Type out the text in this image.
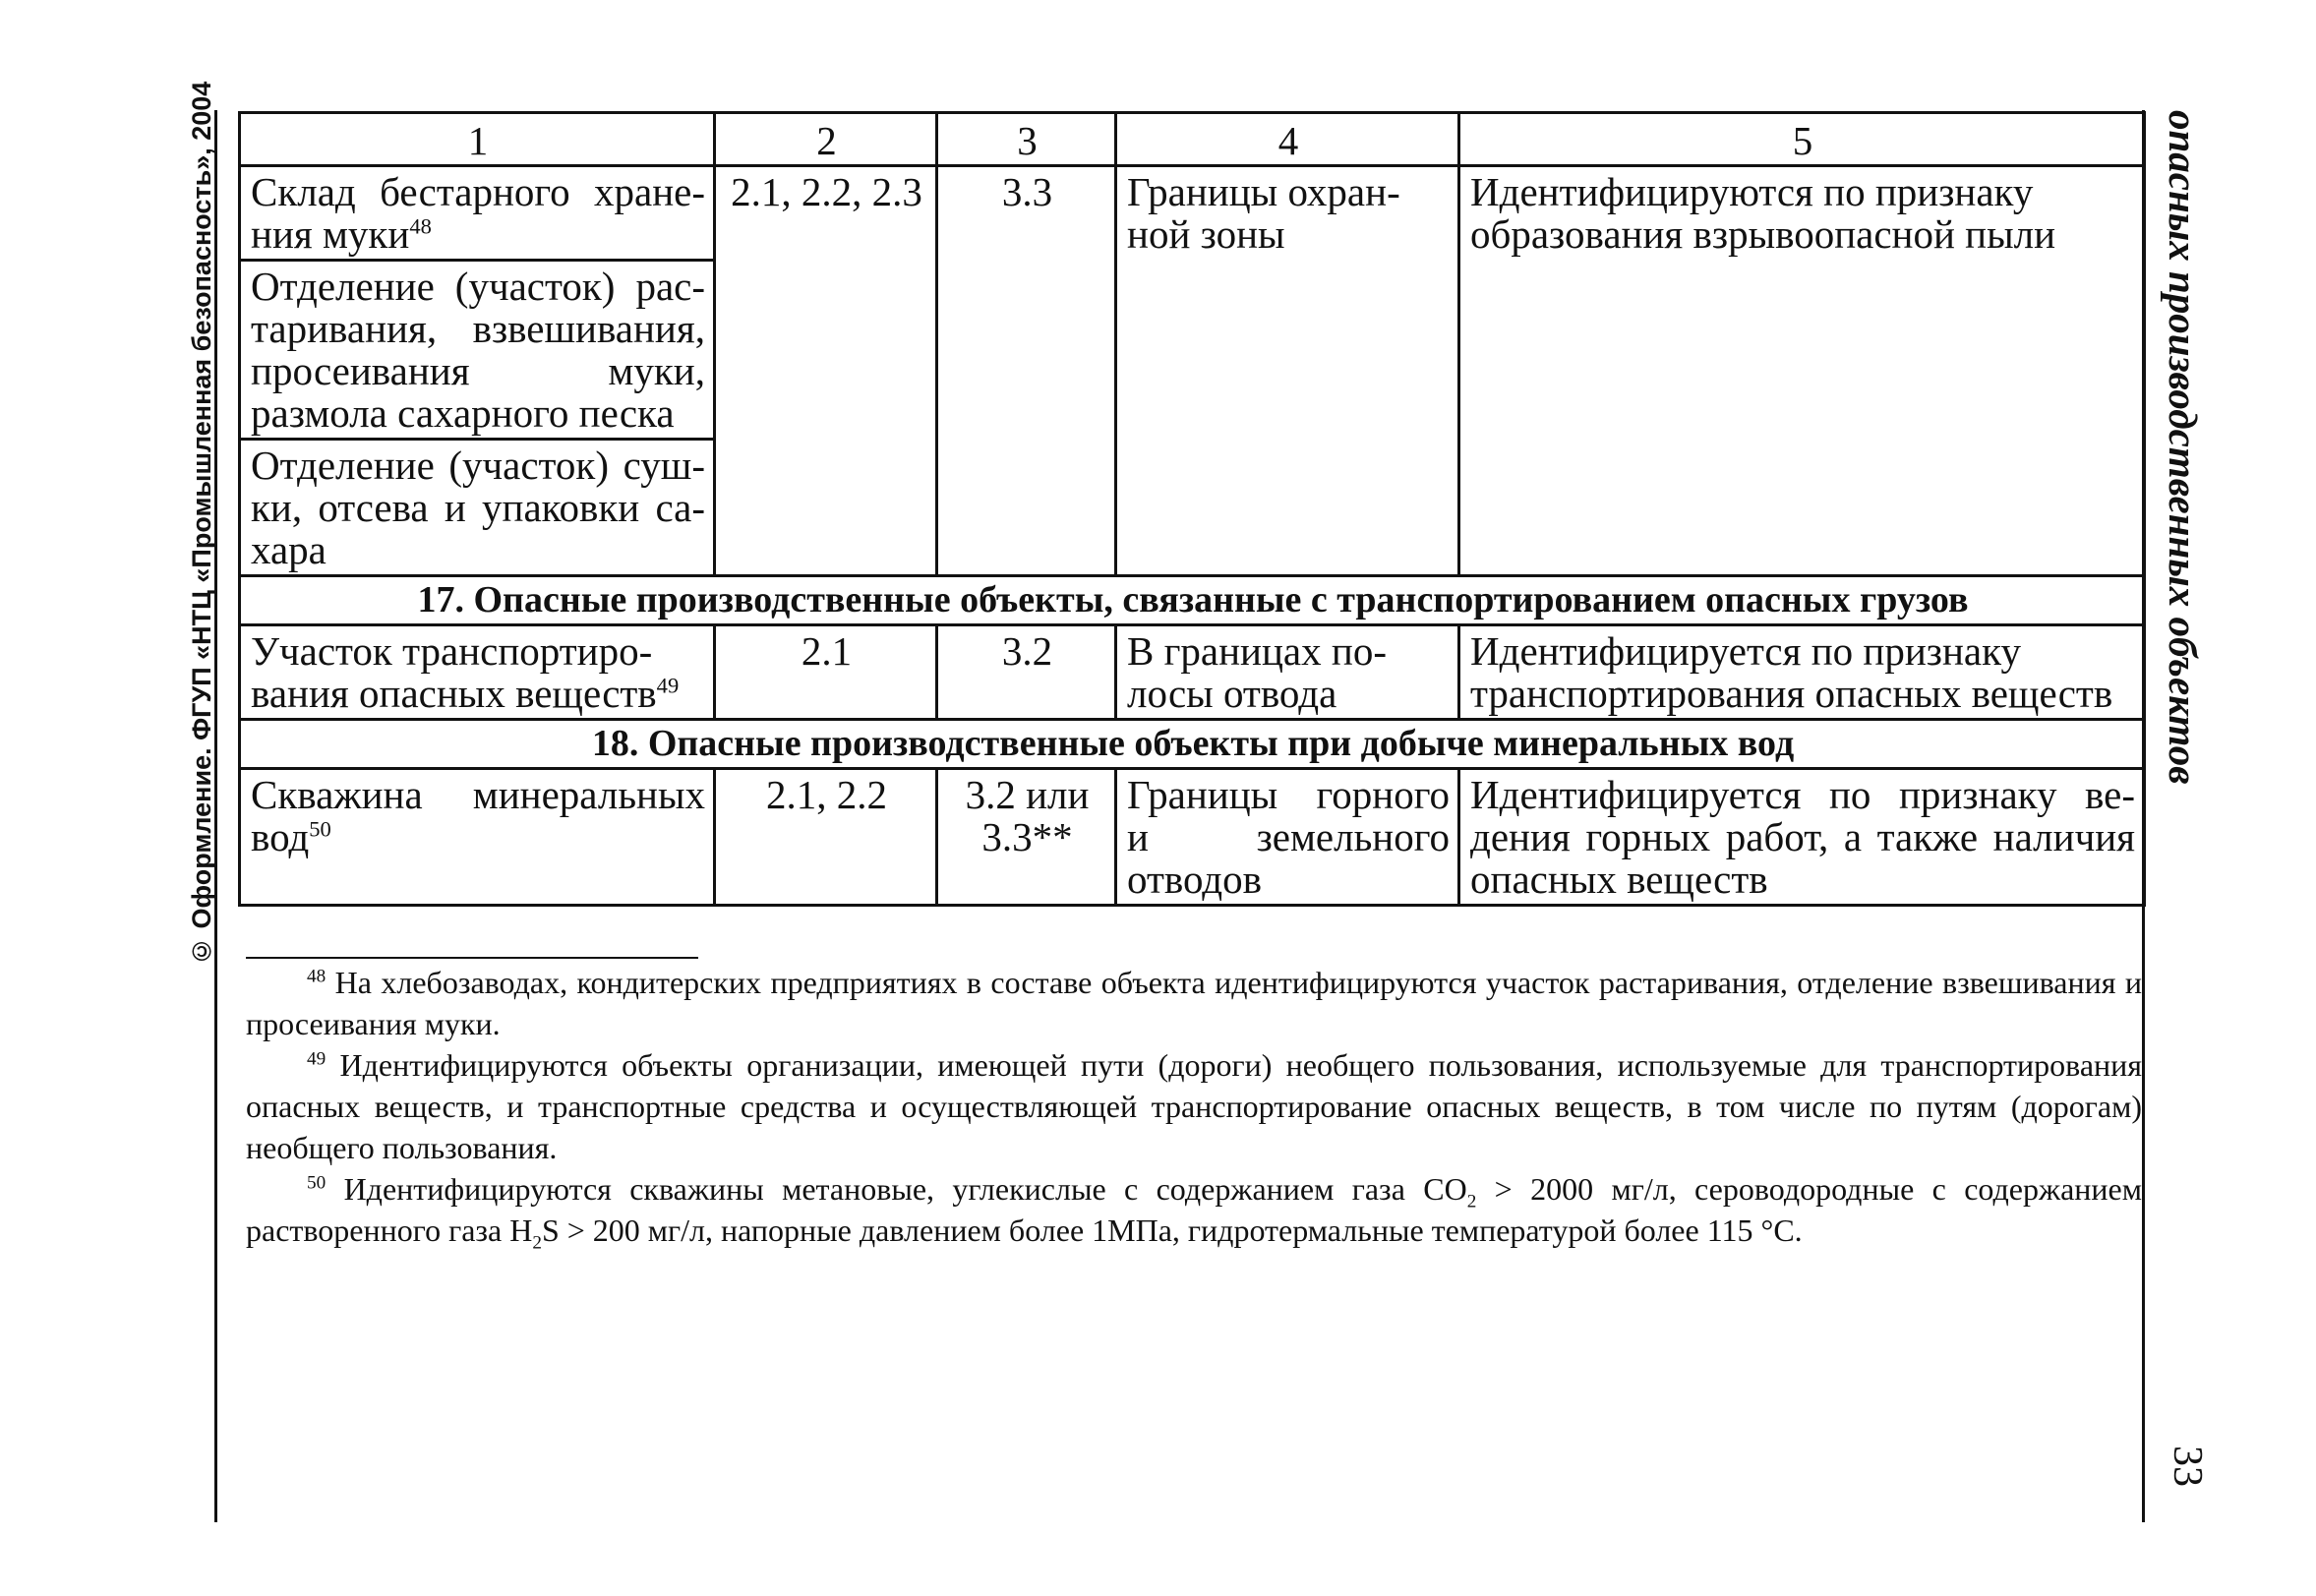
© Оформление. ФГУП «НТЦ «Промышленная безопасность», 2004	опасных производственных объектов
33
1	2	3	4	5
Склад бестарного хранения муки$^{48}$	2.1, 2.2, 2.3	3.3	Границы охранной зоны	Идентифицируются по признаку образования взрывоопасной пыли
Отделение (участок) растаривания, взвешивания, просеивания муки, размола сахарного песка				
Отделение (участок) сушки, отсева и упаковки сахара				
17. Опасные производственные объекты, связанные с транспортированием опасных грузов				
Участок транспортирования опасных веществ$^{49}$	2.1	3.2	В границах полосы отвода	Идентифицируется по признаку транспортирования опасных веществ
18. Опасные производственные объекты при добыче минеральных вод				
Скважина минеральных вод$^{50}$	2.1, 2.2	3.2 или 3.3**	Границы горного и земельного отводов	Идентифицируется по признаку ведения горных работ, а также наличия опасных веществ

$^{48}$ На хлебозаводах, кондитерских предприятиях в составе объекта идентифицируются участок растаривания, отделение взвешивания и просеивания муки.

$^{49}$ Идентифицируются объекты организации, имеющей пути (дороги) необщего пользования, используемые для транспортирования опасных веществ, и транспортные средства и осуществляющей транспортирование опасных веществ, в том числе по путям (дорогам) необщего пользования.

$^{50}$ Идентифицируются скважины метановые, углекислые с содержанием газа $CO_2 > 2000$ мг/л, сероводородные с содержанием растворенного газа $H_2S > 200$ мг/л, напорные давлением более 1МПа, гидротермальные температурой более 115 °С.
